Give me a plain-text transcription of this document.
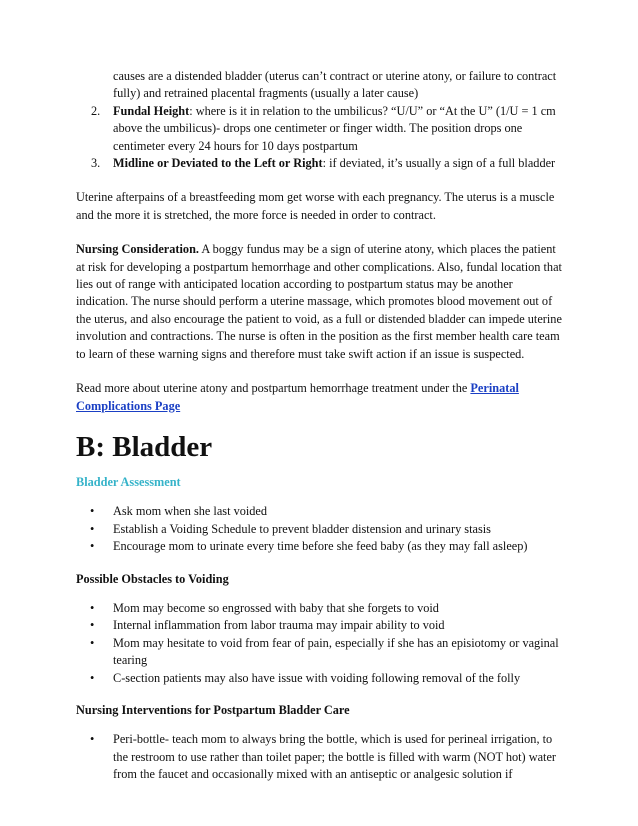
causes are a distended bladder (uterus can’t contract or uterine atony, or failure to contract fully) and retrained placental fragments (usually a later cause)

2. Fundal Height: where is it in relation to the umbilicus? “U/U” or “At the U” (1/U = 1 cm above the umbilicus)- drops one centimeter or finger width. The position drops one centimeter every 24 hours for 10 days postpartum
3. Midline or Deviated to the Left or Right: if deviated, it’s usually a sign of a full bladder

Uterine afterpains of a breastfeeding mom get worse with each pregnancy. The uterus is a muscle and the more it is stretched, the more force is needed in order to contract.

Nursing Consideration. A boggy fundus may be a sign of uterine atony, which places the patient at risk for developing a postpartum hemorrhage and other complications. Also, fundal location that lies out of range with anticipated location according to postpartum status may be another indication. The nurse should perform a uterine massage, which promotes blood movement out of the uterus, and also encourage the patient to void, as a full or distended bladder can impede uterine involution and contractions. The nurse is often in the position as the first member health care team to learn of these warning signs and therefore must take swift action if an issue is suspected.

Read more about uterine atony and postpartum hemorrhage treatment under the Perinatal Complications Page

B: Bladder
Bladder Assessment
• Ask mom when she last voided
• Establish a Voiding Schedule to prevent bladder distension and urinary stasis
• Encourage mom to urinate every time before she feed baby (as they may fall asleep)
Possible Obstacles to Voiding
• Mom may become so engrossed with baby that she forgets to void
• Internal inflammation from labor trauma may impair ability to void
• Mom may hesitate to void from fear of pain, especially if she has an episiotomy or vaginal tearing
• C-section patients may also have issue with voiding following removal of the folly
Nursing Interventions for Postpartum Bladder Care
• Peri-bottle- teach mom to always bring the bottle, which is used for perineal irrigation, to the restroom to use rather than toilet paper; the bottle is filled with warm (NOT hot) water from the faucet and occasionally mixed with an antiseptic or analgesic solution if
